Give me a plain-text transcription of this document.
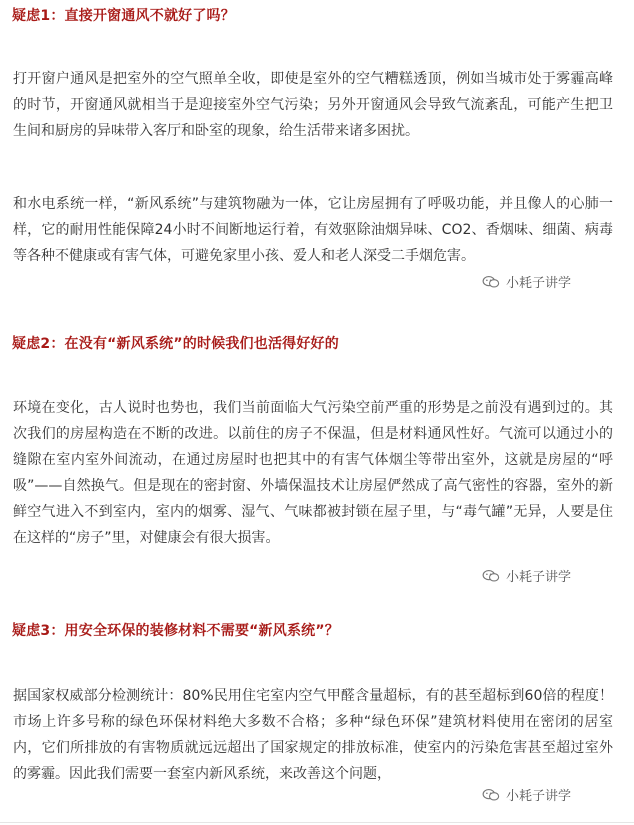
疑虑1：直接开窗通风不就好了吗？
打开窗户通风是把室外的空气照单全收，即使是室外的空气糟糕透顶，例如当城市处于雾霾高峰的时节，开窗通风就相当于是迎接室外空气污染；另外开窗通风会导致气流紊乱，可能产生把卫生间和厨房的异味带入客厅和卧室的现象，给生活带来诸多困扰。
和水电系统一样，“新风系统”与建筑物融为一体，它让房屋拥有了呼吸功能，并且像人的心肺一样，它的耐用性能保障24小时不间断地运行着，有效驱除油烟异味、CO2、香烟味、细菌、病毒等各种不健康或有害气体，可避免家里小孩、爱人和老人深受二手烟危害。
小耗子讲学
疑虑2：在没有“新风系统”的时候我们也活得好好的
环境在变化，古人说时也势也，我们当前面临大气污染空前严重的形势是之前没有遇到过的。其次我们的房屋构造在不断的改进。以前住的房子不保温，但是材料通风性好。气流可以通过小的缝隙在室内室外间流动，在通过房屋时也把其中的有害气体烟尘等带出室外，这就是房屋的“呼吸”——自然换气。但是现在的密封窗、外墙保温技术让房屋俨然成了高气密性的容器，室外的新鲜空气进入不到室内，室内的烟雾、湿气、气味都被封锁在屋子里，与“毒气罐”无异，人要是住在这样的“房子”里，对健康会有很大损害。
小耗子讲学
疑虑3：用安全环保的装修材料不需要“新风系统”？
据国家权威部分检测统计：80%民用住宅室内空气甲醛含量超标，有的甚至超标到60倍的程度！市场上许多号称的绿色环保材料绝大多数不合格；多种“绿色环保”建筑材料使用在密闭的居室内，它们所排放的有害物质就远远超出了国家规定的排放标准，使室内的污染危害甚至超过室外的雾霾。因此我们需要一套室内新风系统，来改善这个问题，
小耗子讲学
